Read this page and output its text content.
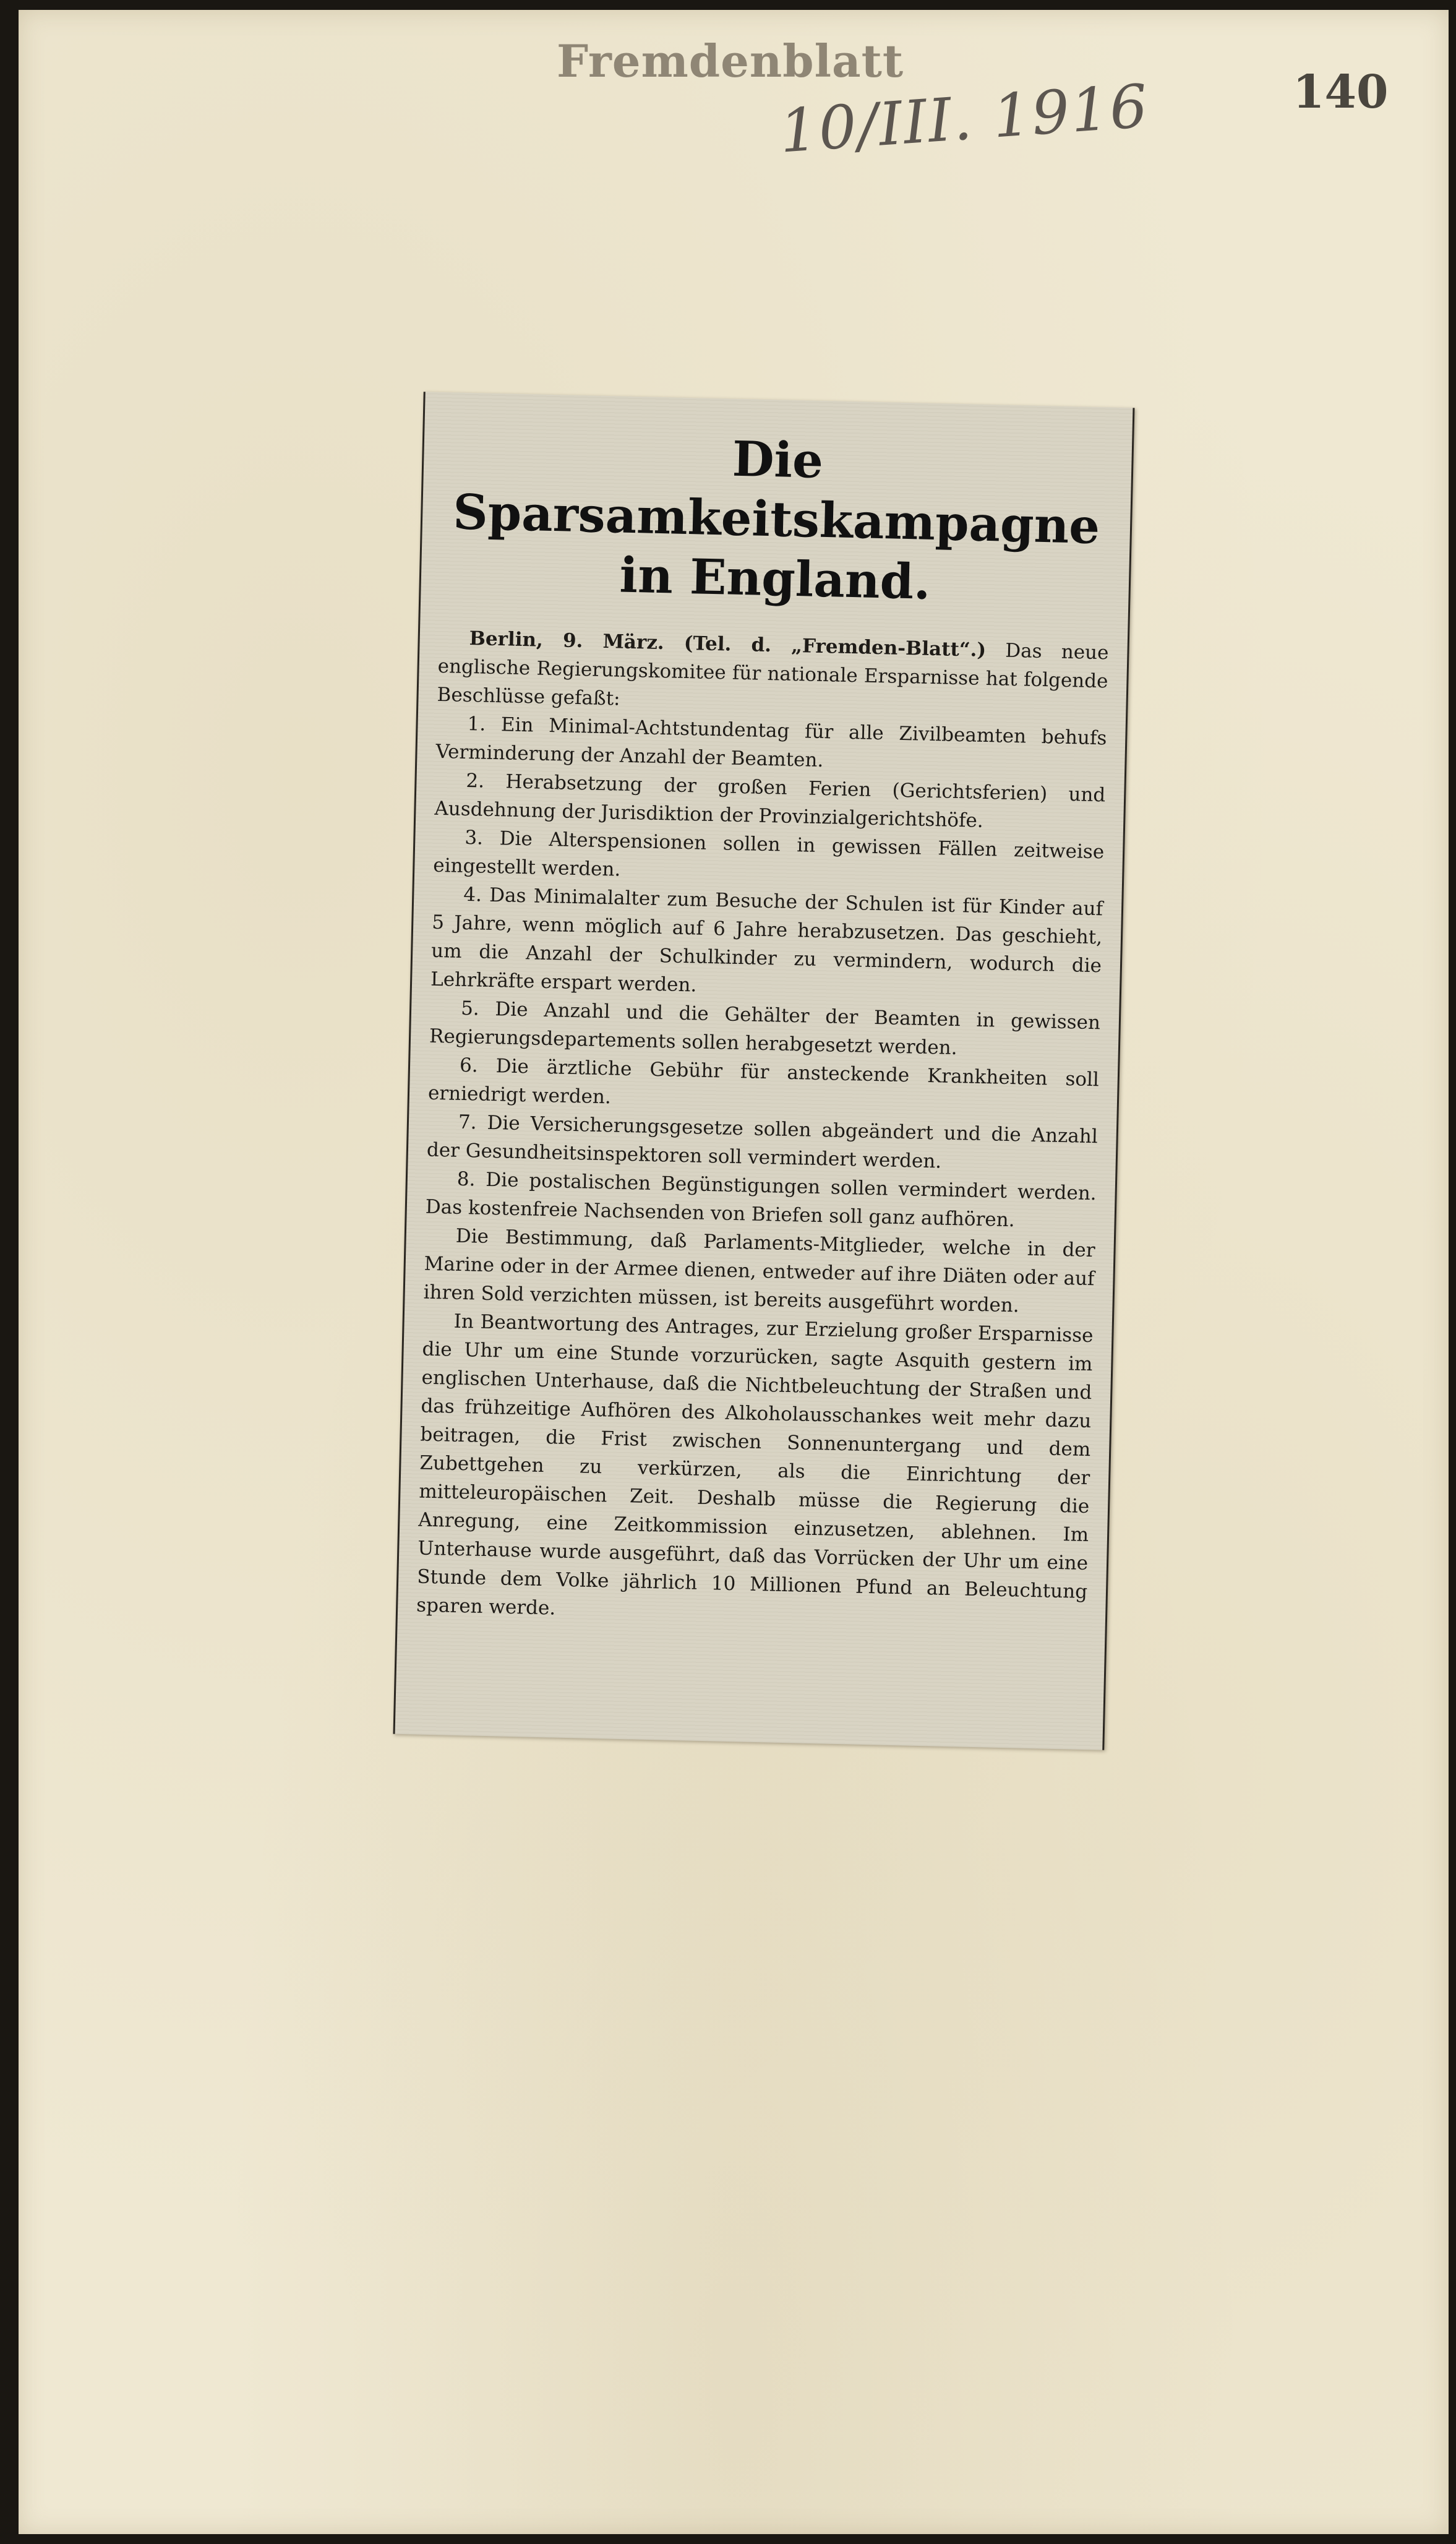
Fremdenblatt
10/III. 1916	140
Die Sparsamkeitskampagne in England.

Berlin, 9. März. (Tel. d. „Fremden-Blatt“.) Das neue englische Regierungskomitee für nationale Ersparnisse hat folgende Beschlüsse gefaßt:

1. Ein Minimal-Achtstundentag für alle Zivilbeamten behufs Verminderung der Anzahl der Beamten.

2. Herabsetzung der großen Ferien (Gerichtsferien) und Ausdehnung der Jurisdiktion der Provinzialgerichtshöfe.

3. Die Alterspensionen sollen in gewissen Fällen zeitweise eingestellt werden.

4. Das Minimalalter zum Besuche der Schulen ist für Kinder auf 5 Jahre, wenn möglich auf 6 Jahre herabzusetzen. Das geschieht, um die Anzahl der Schulkinder zu vermindern, wodurch die Lehrkräfte erspart werden.

5. Die Anzahl und die Gehälter der Beamten in gewissen Regierungsdepartements sollen herabgesetzt werden.

6. Die ärztliche Gebühr für ansteckende Krankheiten soll erniedrigt werden.

7. Die Versicherungsgesetze sollen abgeändert und die Anzahl der Gesundheitsinspektoren soll vermindert werden.

8. Die postalischen Begünstigungen sollen vermindert werden. Das kostenfreie Nachsenden von Briefen soll ganz aufhören.

Die Bestimmung, daß Parlaments-Mitglieder, welche in der Marine oder in der Armee dienen, entweder auf ihre Diäten oder auf ihren Sold verzichten müssen, ist bereits ausgeführt worden.

In Beantwortung des Antrages, zur Erzielung großer Ersparnisse die Uhr um eine Stunde vorzurücken, sagte Asquith gestern im englischen Unterhause, daß die Nichtbeleuchtung der Straßen und das frühzeitige Aufhören des Alkoholausschankes weit mehr dazu beitragen, die Frist zwischen Sonnenuntergang und dem Zubettgehen zu verkürzen, als die Einrichtung der mitteleuropäischen Zeit. Deshalb müsse die Regierung die Anregung, eine Zeitkommission einzusetzen, ablehnen. Im Unterhause wurde ausgeführt, daß das Vorrücken der Uhr um eine Stunde dem Volke jährlich 10 Millionen Pfund an Beleuchtung sparen werde.
